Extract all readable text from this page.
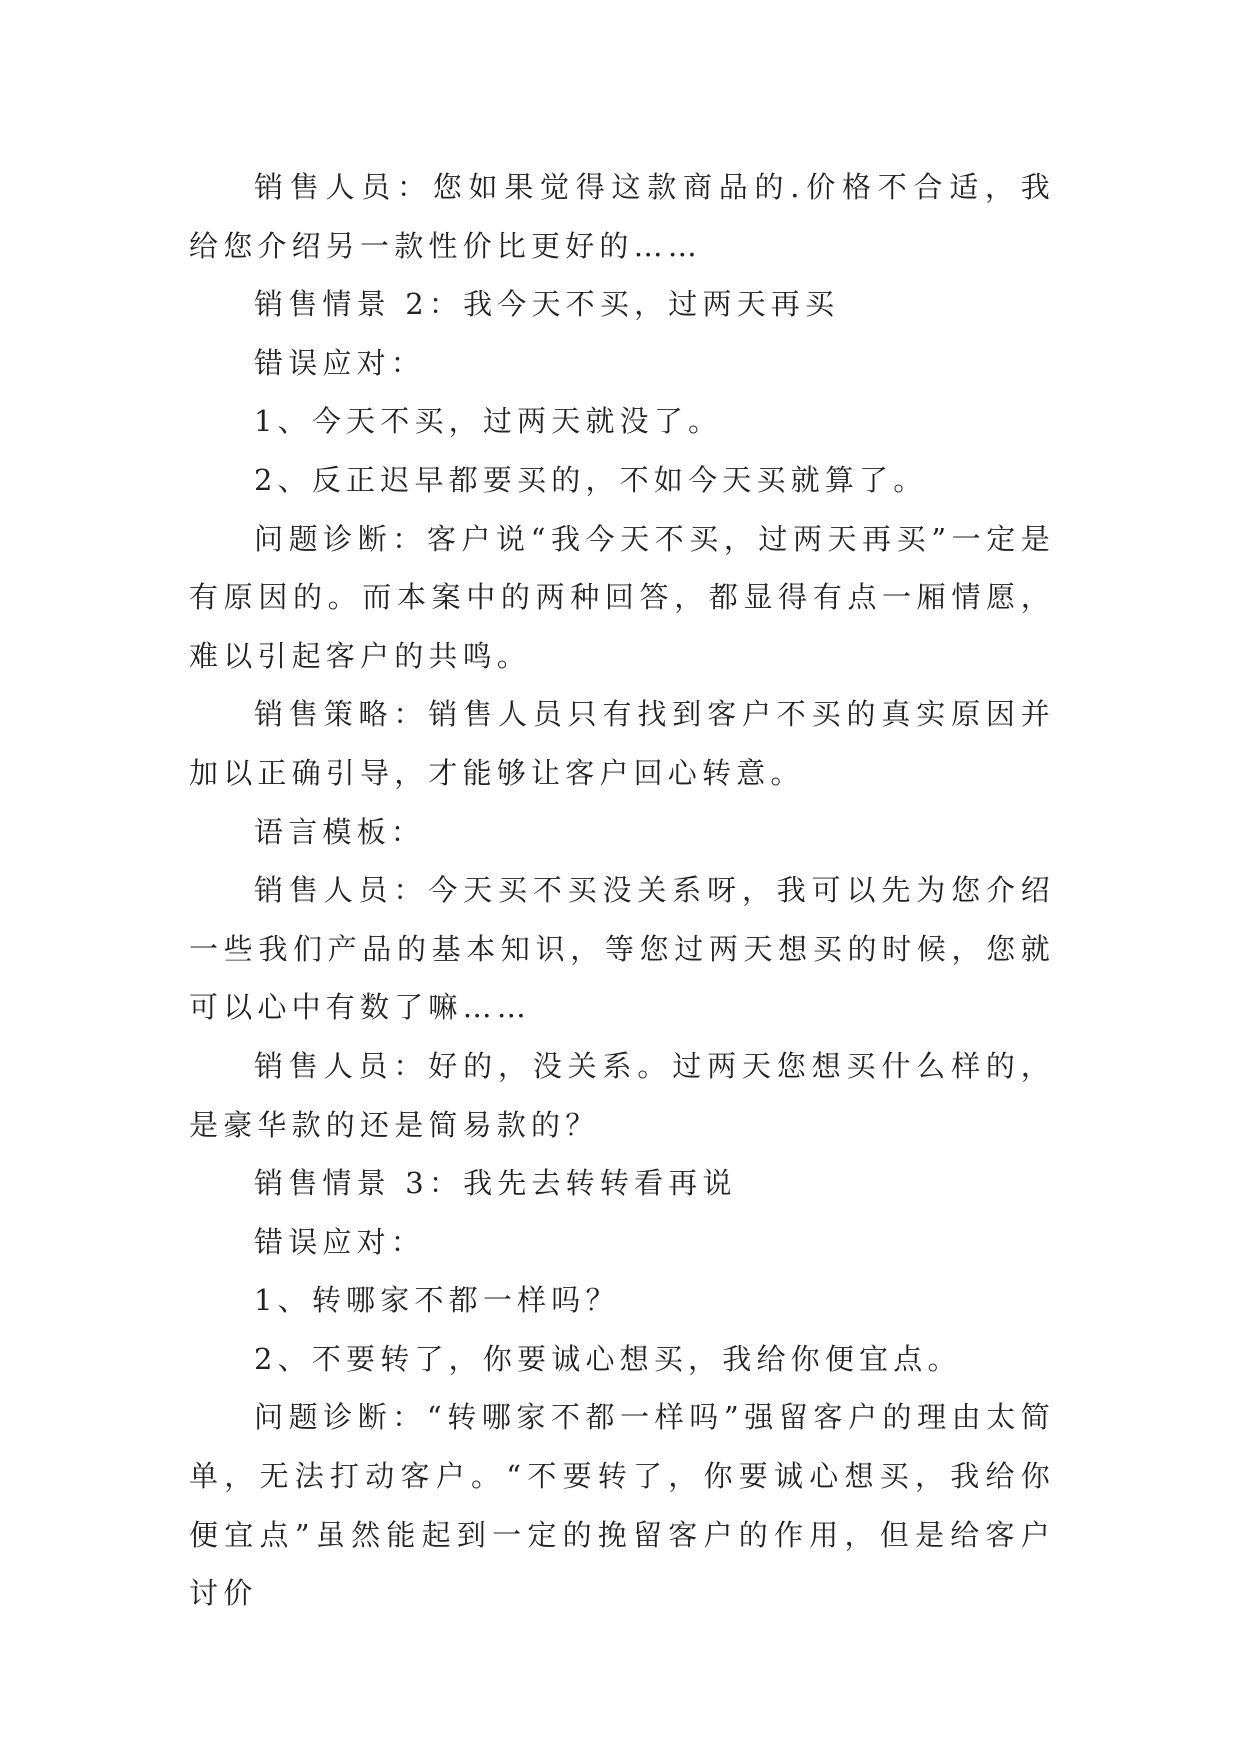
销售人员：您如果觉得这款商品的.价格不合适，我给您介绍另一款性价比更好的……

销售情景 2：我今天不买，过两天再买

错误应对：

1、今天不买，过两天就没了。

2、反正迟早都要买的，不如今天买就算了。

问题诊断：客户说“我今天不买，过两天再买”一定是有原因的。而本案中的两种回答，都显得有点一厢情愿，难以引起客户的共鸣。

销售策略：销售人员只有找到客户不买的真实原因并加以正确引导，才能够让客户回心转意。

语言模板：

销售人员：今天买不买没关系呀，我可以先为您介绍一些我们产品的基本知识，等您过两天想买的时候，您就可以心中有数了嘛……

销售人员：好的，没关系。过两天您想买什么样的，是豪华款的还是简易款的？

销售情景 3：我先去转转看再说

错误应对：

1、转哪家不都一样吗？

2、不要转了，你要诚心想买，我给你便宜点。

问题诊断：“转哪家不都一样吗”强留客户的理由太简单，无法打动客户。“不要转了，你要诚心想买，我给你便宜点”虽然能起到一定的挽留客户的作用，但是给客户讨价
